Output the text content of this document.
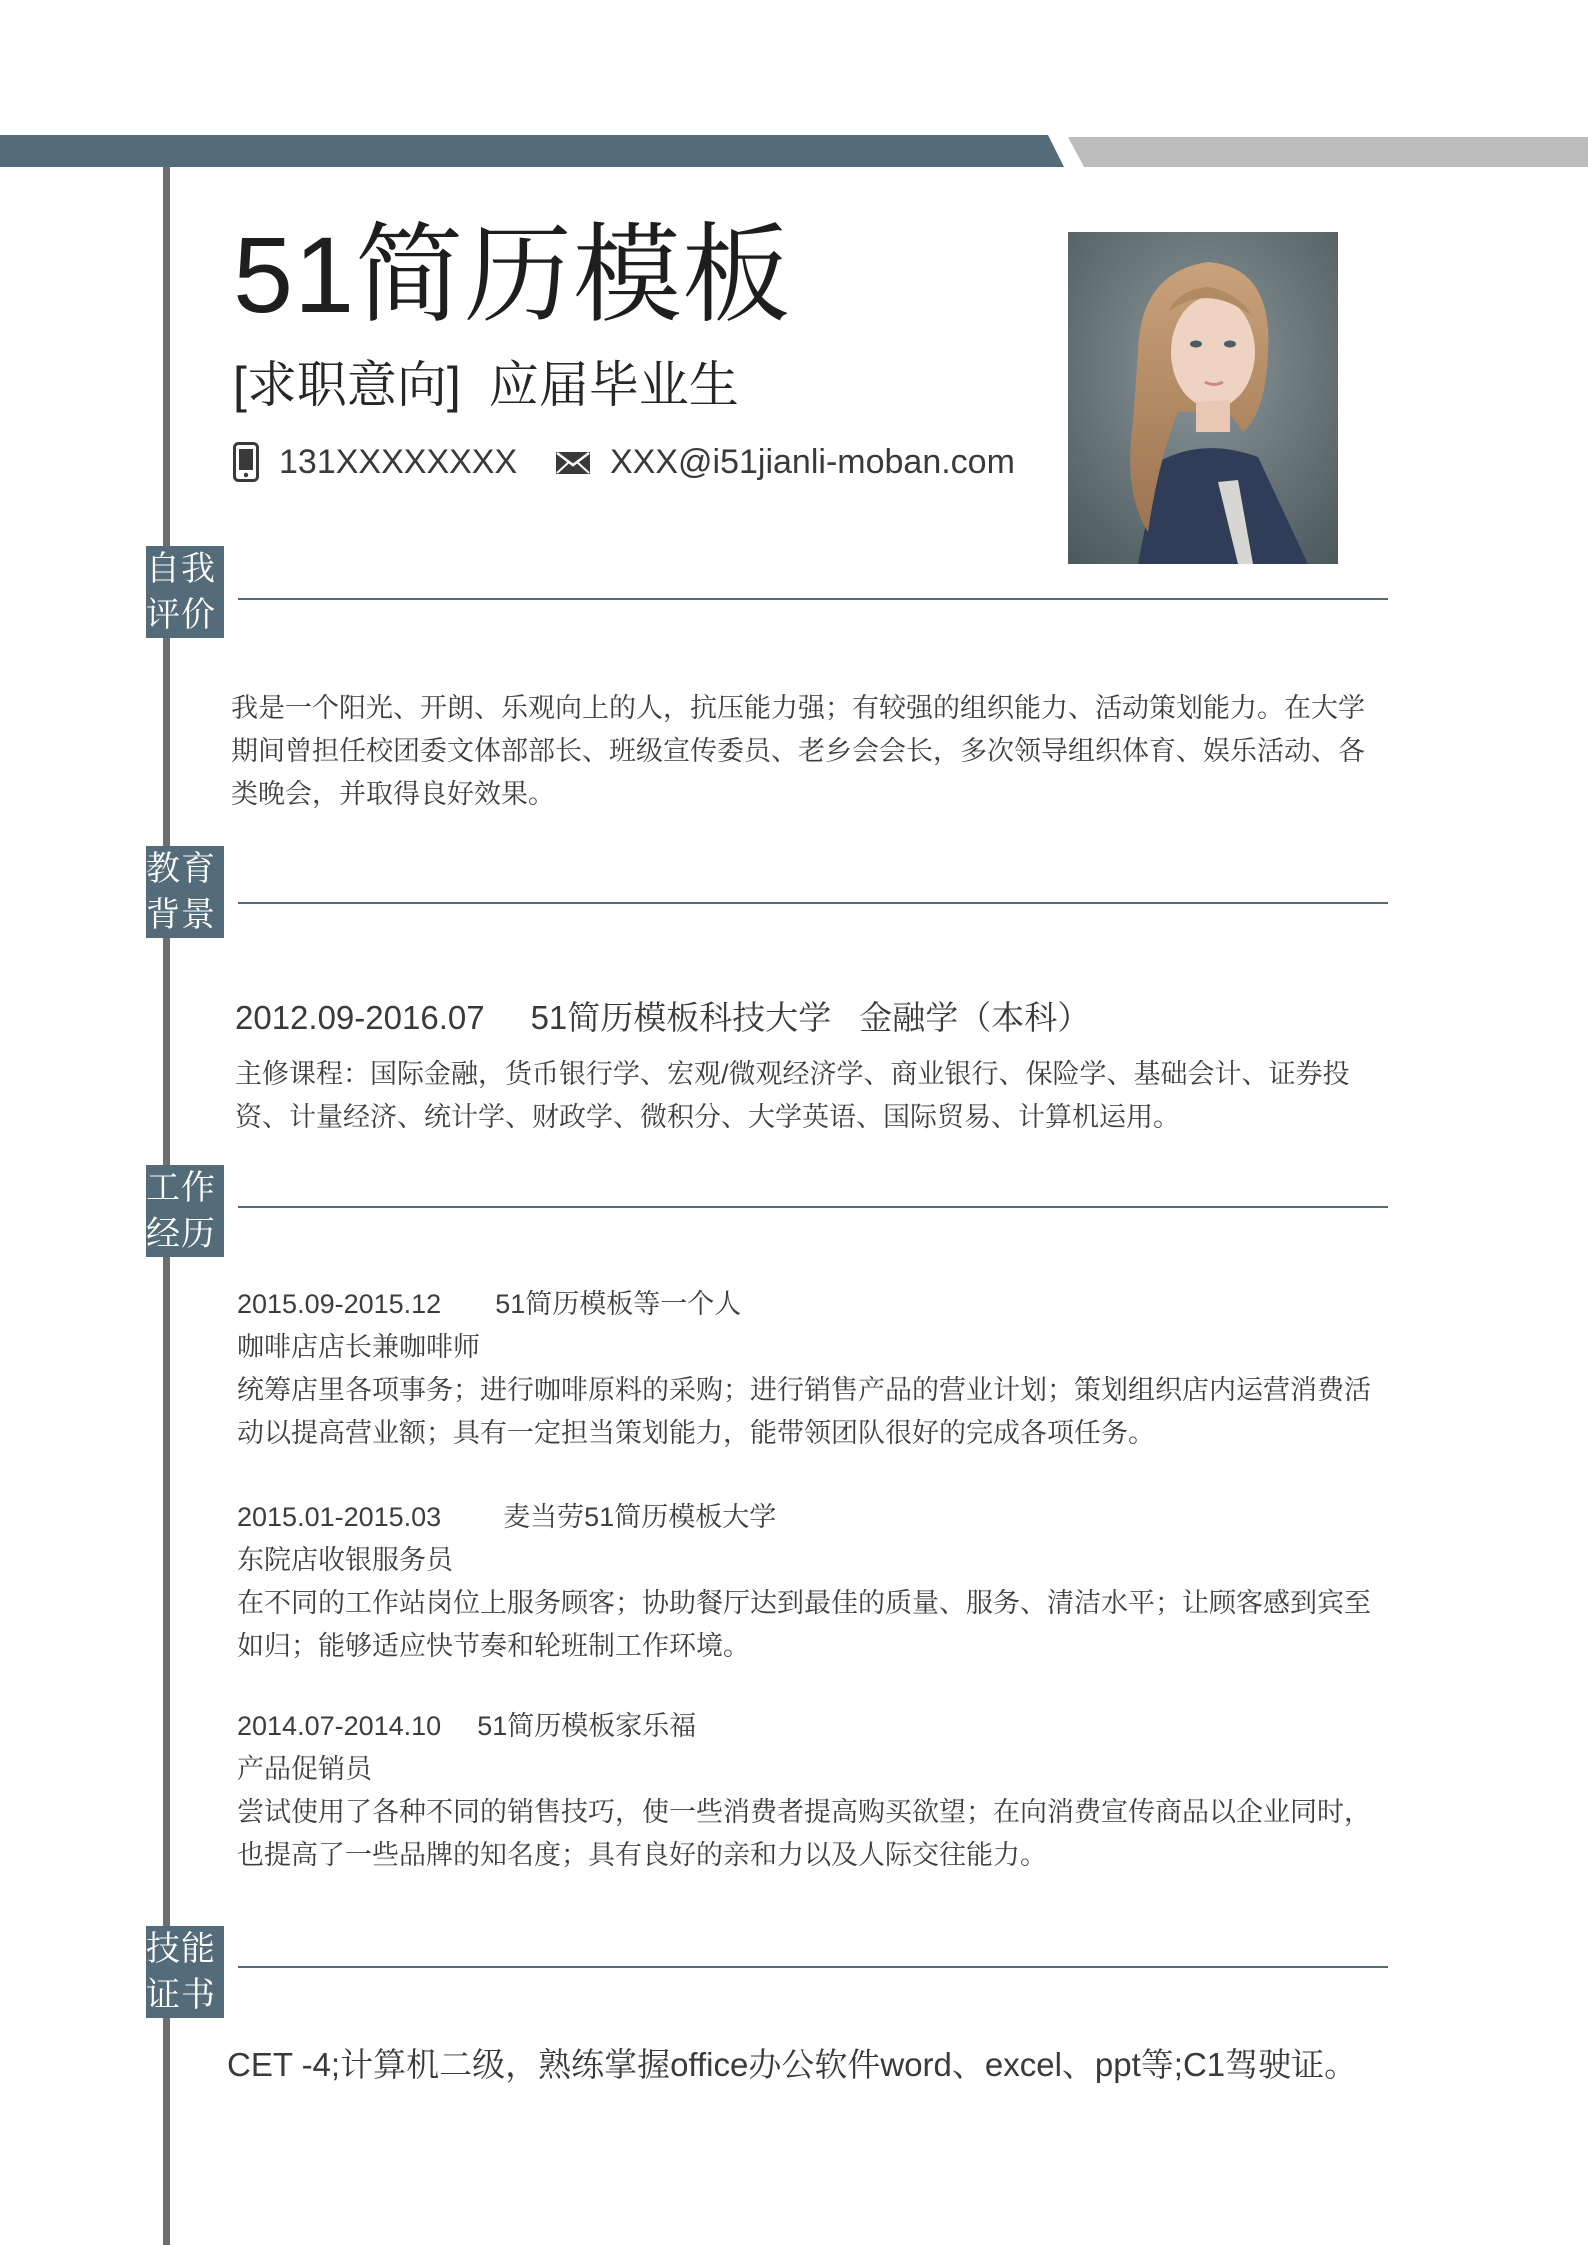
51简历模板
[求职意向] 应届毕业生
131XXXXXXXX	XXX@i51jianli-moban.com
自我
评价
我是一个阳光、开朗、乐观向上的人，抗压能力强；有较强的组织能力、活动策划能力。在大学期间曾担任校团委文体部部长、班级宣传委员、老乡会会长，多次领导组织体育、娱乐活动、各类晚会，并取得良好效果。
教育
背景
2012.09-2016.07 51简历模板科技大学 金融学（本科）
主修课程：国际金融，货币银行学、宏观/微观经济学、商业银行、保险学、基础会计、证券投资、计量经济、统计学、财政学、微积分、大学英语、国际贸易、计算机运用。
工作
经历
2015.09-2015.12 51简历模板等一个人
咖啡店店长兼咖啡师
统筹店里各项事务；进行咖啡原料的采购；进行销售产品的营业计划；策划组织店内运营消费活动以提高营业额；具有一定担当策划能力，能带领团队很好的完成各项任务。
2015.01-2015.03 麦当劳51简历模板大学
东院店收银服务员
在不同的工作站岗位上服务顾客；协助餐厅达到最佳的质量、服务、清洁水平；让顾客感到宾至如归；能够适应快节奏和轮班制工作环境。
2014.07-2014.10 51简历模板家乐福
产品促销员
尝试使用了各种不同的销售技巧，使一些消费者提高购买欲望；在向消费宣传商品以企业同时，也提高了一些品牌的知名度；具有良好的亲和力以及人际交往能力。
技能
证书
CET -4;计算机二级，熟练掌握office办公软件word、excel、ppt等;C1驾驶证。
